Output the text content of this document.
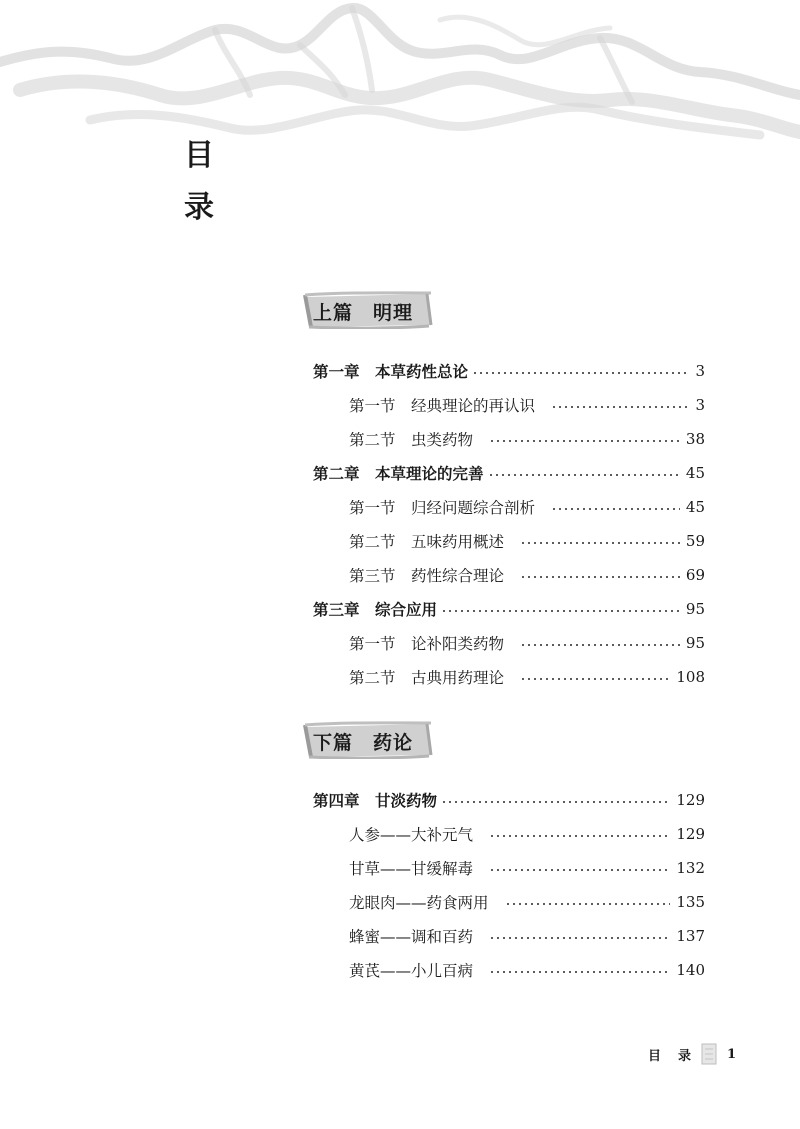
目
录
上篇　明理
第一章　本草药性总论	3
第一节　经典理论的再认识	3
第二节　虫类药物	38
第二章　本草理论的完善	45
第一节　归经问题综合剖析	45
第二节　五味药用概述	59
第三节　药性综合理论	69
第三章　综合应用	95
第一节　论补阳类药物	95
第二节　古典用药理论	108
下篇　药论
第四章　甘淡药物	129
人参——大补元气	129
甘草——甘缓解毒	132
龙眼肉——药食两用	135
蜂蜜——调和百药	137
黄芪——小儿百病	140
目　录	1
